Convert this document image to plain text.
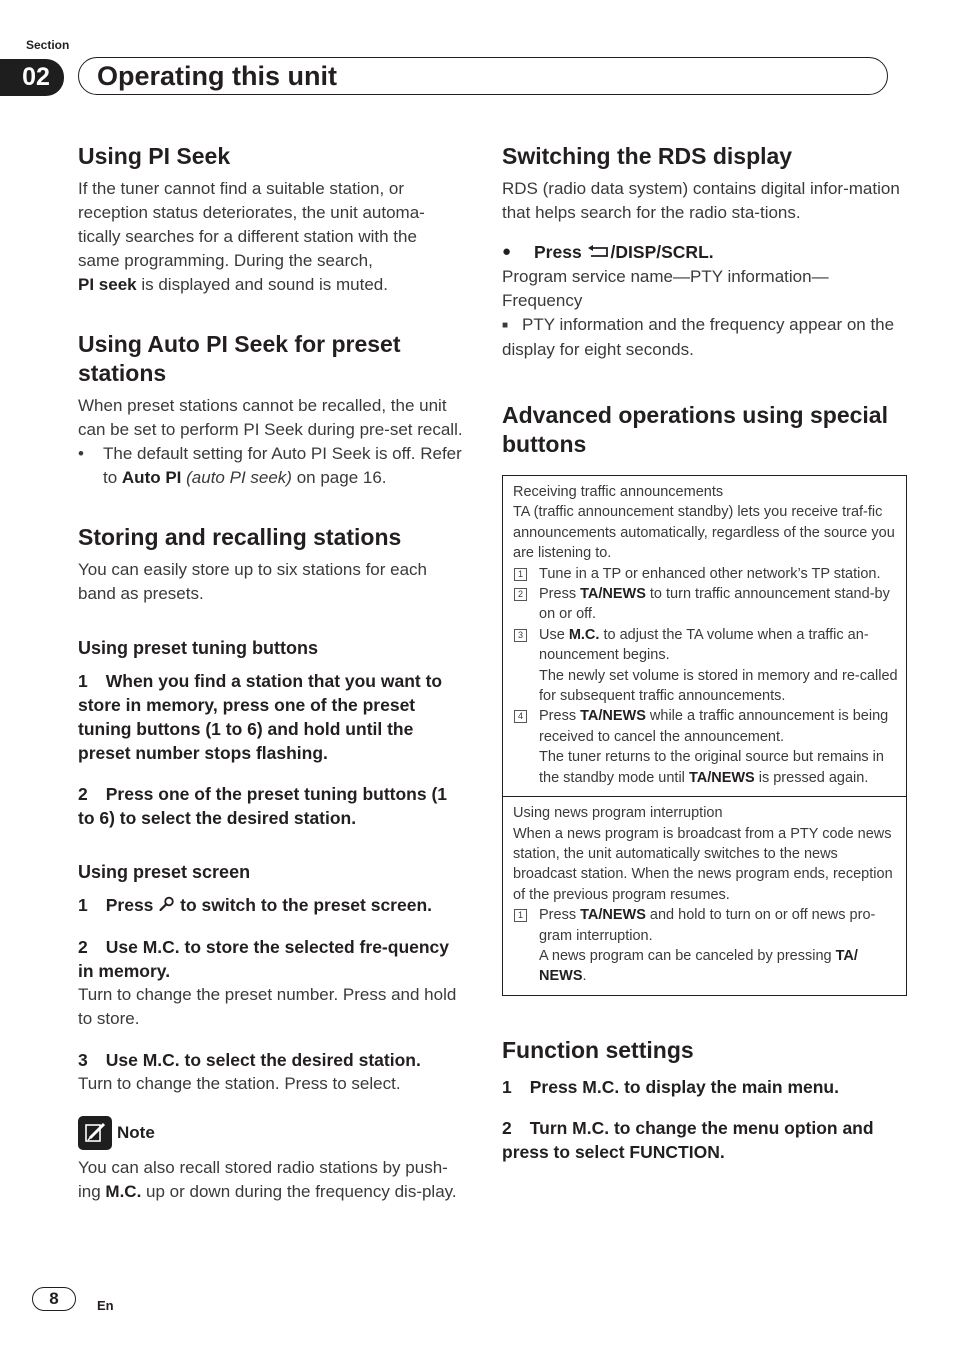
Section
02	Operating this unit
Using PI Seek

If the tuner cannot find a suitable station, or reception status deteriorates, the unit automa-tically searches for a different station with the same programming. During the search,
PI seek is displayed and sound is muted.

Using Auto PI Seek for preset stations

When preset stations cannot be recalled, the unit can be set to perform PI Seek during pre-set recall.

• The default setting for Auto PI Seek is off. Refer to Auto PI (auto PI seek) on page 16.
Storing and recalling stations

You can easily store up to six stations for each band as presets.

Using preset tuning buttons

1 When you find a station that you want to store in memory, press one of the preset tuning buttons (1 to 6) and hold until the preset number stops flashing.

2 Press one of the preset tuning buttons (1 to 6) to select the desired station.

Using preset screen

1 Press  to switch to the preset screen.

2 Use M.C. to store the selected fre-quency in memory.

Turn to change the preset number. Press and hold to store.

3 Use M.C. to select the desired station.

Turn to change the station. Press to select.

Note

You can also recall stored radio stations by push-ing M.C. up or down during the frequency dis-play.

Switching the RDS display

RDS (radio data system) contains digital infor-mation that helps search for the radio sta-tions.

● Press /DISP/SCRL.

Program service name—PTY information—Frequency

■ PTY information and the frequency appear on the display for eight seconds.

Advanced operations using special buttons
Receiving traffic announcements
TA (traffic announcement standby) lets you receive traf-fic announcements automatically, regardless of the source you are listening to.
1 Tune in a TP or enhanced other network’s TP station.
2 Press TA/NEWS to turn traffic announcement stand-by on or off.
3 Use M.C. to adjust the TA volume when a traffic an-nouncement begins.
The newly set volume is stored in memory and re-called for subsequent traffic announcements.
4 Press TA/NEWS while a traffic announcement is being received to cancel the announcement.
The tuner returns to the original source but remains in the standby mode until TA/NEWS is pressed again.
Using news program interruption
When a news program is broadcast from a PTY code news station, the unit automatically switches to the news broadcast station. When the news program ends, reception of the previous program resumes.
1 Press TA/NEWS and hold to turn on or off news pro-gram interruption.
A news program can be canceled by pressing TA/ NEWS.
Function settings

1 Press M.C. to display the main menu.

2 Turn M.C. to change the menu option and press to select FUNCTION.

8	En
